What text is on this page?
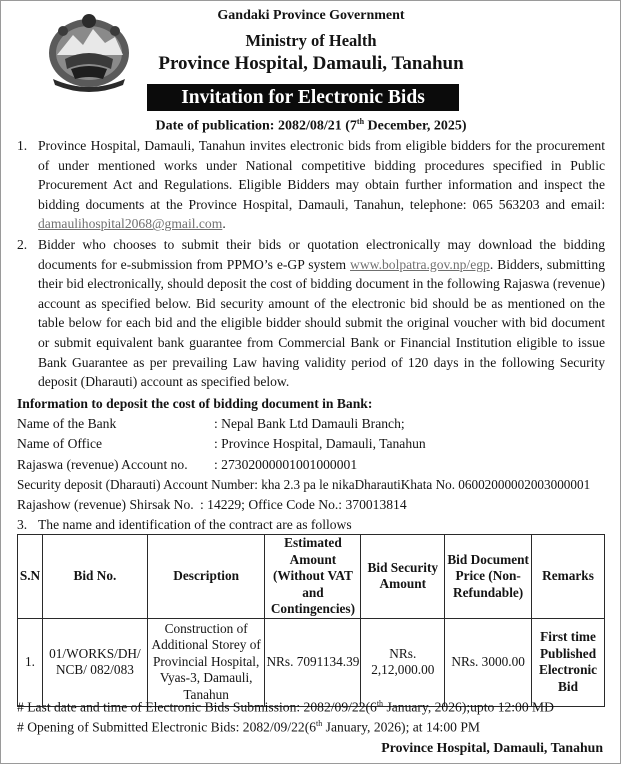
Gandaki Province Government
Ministry of Health
Province Hospital, Damauli, Tanahun
Invitation for Electronic Bids
Date of publication: 2082/08/21 (7th December, 2025)
1. Province Hospital, Damauli, Tanahun invites electronic bids from eligible bidders for the procurement of under mentioned works under National competitive bidding procedures specified in Public Procurement Act and Regulations. Eligible Bidders may obtain further information and inspect the bidding documents at the Province Hospital, Damauli, Tanahun, telephone: 065 563203 and email: damaulihospital2068@gmail.com.
2. Bidder who chooses to submit their bids or quotation electronically may download the bidding documents for e-submission from PPMO’s e-GP system www.bolpatra.gov.np/egp. Bidders, submitting their bid electronically, should deposit the cost of bidding document in the following Rajaswa (revenue) account as specified below. Bid security amount of the electronic bid should be as mentioned on the table below for each bid and the eligible bidder should submit the original voucher with bid document or submit equivalent bank guarantee from Commercial Bank or Financial Institution eligible to issue Bank Guarantee as per prevailing Law having validity period of 120 days in the following Security deposit (Dharauti) account as specified below.
Information to deposit the cost of bidding document in Bank:
Name of the Bank	: Nepal Bank Ltd Damauli Branch;
Name of Office	: Province Hospital, Damauli, Tanahun
Rajaswa (revenue) Account no. : 27302000001001000001
Security deposit (Dharauti) Account Number: kha 2.3 pa le nikaDharautiKhata No. 06002000002003000001
Rajashow (revenue) Shirsak No. : 14229; Office Code No.: 370013814
3. The name and identification of the contract are as follows
S.N	Bid No.	Description	Estimated Amount (Without VAT and Contingencies)	Bid Security Amount	Bid Document Price (Non-Refundable)	Remarks
1.	01/WORKS/DH/ NCB/ 082/083	Construction of Additional Storey of Provincial Hospital, Vyas-3, Damauli, Tanahun	NRs. 7091134.39	NRs. 2,12,000.00	NRs. 3000.00	First time Published Electronic Bid
# Last date and time of Electronic Bids Submission: 2082/09/22(6th January, 2026);upto 12:00 MD
# Opening of Submitted Electronic Bids: 2082/09/22(6th January, 2026); at 14:00 PM
Province Hospital, Damauli, Tanahun
